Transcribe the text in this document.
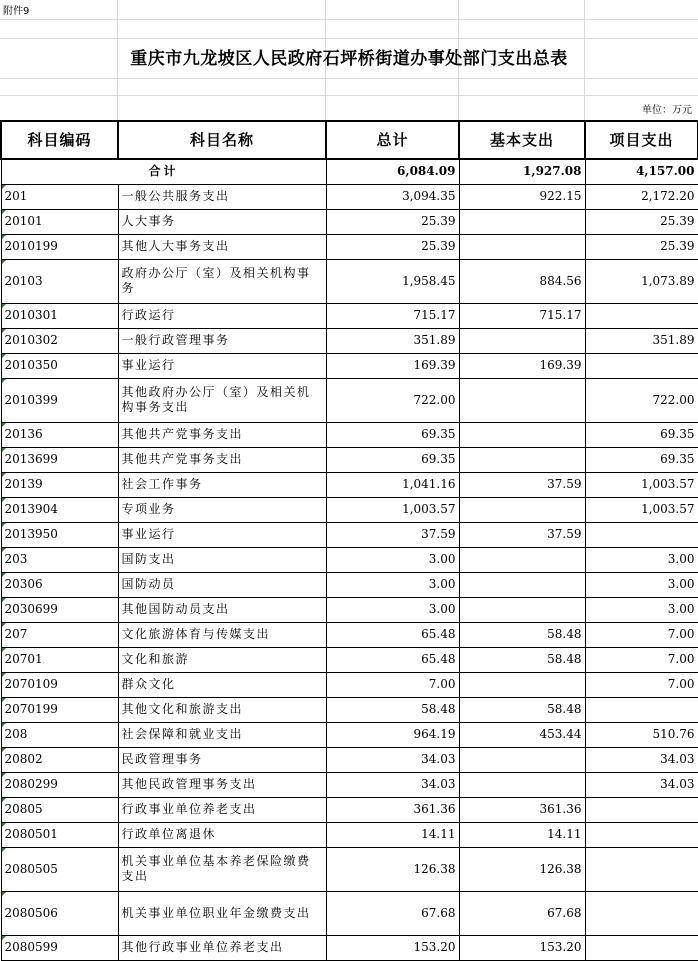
附件9
重庆市九龙坡区人民政府石坪桥街道办事处部门支出总表
单位：万元
科目编码	科目名称	总计	基本支出	项目支出
合计		6,084.09	1,927.08	4,157.00
201	一般公共服务支出	3,094.35	922.15	2,172.20
20101	人大事务	25.39		25.39
2010199	其他人大事务支出	25.39		25.39
20103	政府办公厅（室）及相关机构事务	1,958.45	884.56	1,073.89
2010301	行政运行	715.17	715.17	
2010302	一般行政管理事务	351.89		351.89
2010350	事业运行	169.39	169.39	
2010399	其他政府办公厅（室）及相关机构事务支出	722.00		722.00
20136	其他共产党事务支出	69.35		69.35
2013699	其他共产党事务支出	69.35		69.35
20139	社会工作事务	1,041.16	37.59	1,003.57
2013904	专项业务	1,003.57		1,003.57
2013950	事业运行	37.59	37.59	
203	国防支出	3.00		3.00
20306	国防动员	3.00		3.00
2030699	其他国防动员支出	3.00		3.00
207	文化旅游体育与传媒支出	65.48	58.48	7.00
20701	文化和旅游	65.48	58.48	7.00
2070109	群众文化	7.00		7.00
2070199	其他文化和旅游支出	58.48	58.48	
208	社会保障和就业支出	964.19	453.44	510.76
20802	民政管理事务	34.03		34.03
2080299	其他民政管理事务支出	34.03		34.03
20805	行政事业单位养老支出	361.36	361.36	
2080501	行政单位离退休	14.11	14.11	
2080505	机关事业单位基本养老保险缴费支出	126.38	126.38	
2080506	机关事业单位职业年金缴费支出	67.68	67.68	
2080599	其他行政事业单位养老支出	153.20	153.20	
